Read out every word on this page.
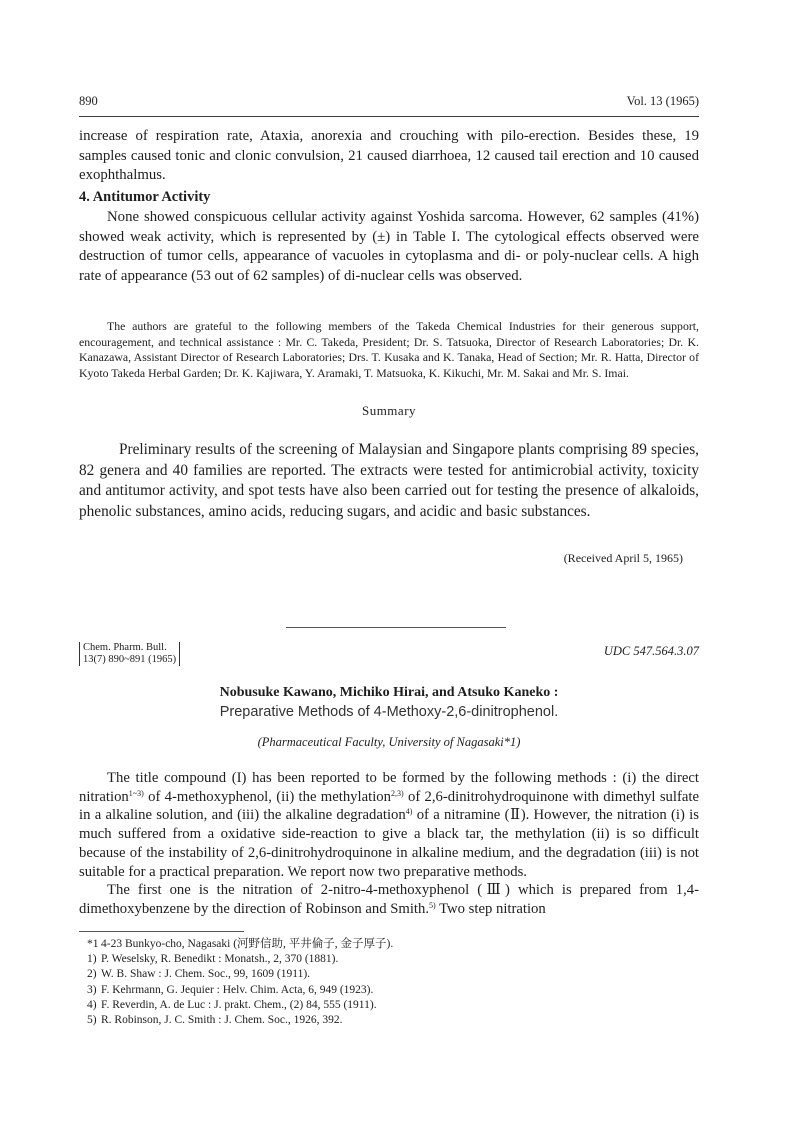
890	Vol. 13 (1965)

increase of respiration rate, Ataxia, anorexia and crouching with pilo-erection. Besides these, 19 samples caused tonic and clonic convulsion, 21 caused diarrhoea, 12 caused tail erection and 10 caused exophthalmus.

4. Antitumor Activity

None showed conspicuous cellular activity against Yoshida sarcoma. However, 62 samples (41%) showed weak activity, which is represented by (±) in Table I. The cytological effects observed were destruction of tumor cells, appearance of vacuoles in cytoplasma and di- or poly-nuclear cells. A high rate of appearance (53 out of 62 samples) of di-nuclear cells was observed.

The authors are grateful to the following members of the Takeda Chemical Industries for their generous support, encouragement, and technical assistance : Mr. C. Takeda, President; Dr. S. Tatsuoka, Director of Research Laboratories; Dr. K. Kanazawa, Assistant Director of Research Laboratories; Drs. T. Kusaka and K. Tanaka, Head of Section; Mr. R. Hatta, Director of Kyoto Takeda Herbal Garden; Dr. K. Kajiwara, Y. Aramaki, T. Matsuoka, K. Kikuchi, Mr. M. Sakai and Mr. S. Imai.

Summary

Preliminary results of the screening of Malaysian and Singapore plants comprising 89 species, 82 genera and 40 families are reported. The extracts were tested for antimicrobial activity, toxicity and antitumor activity, and spot tests have also been carried out for testing the presence of alkaloids, phenolic substances, amino acids, reducing sugars, and acidic and basic substances.

(Received April 5, 1965)
Chem. Pharm. Bull.
13(7) 890~891 (1965)
UDC 547.564.3.07
Nobusuke Kawano, Michiko Hirai, and Atsuko Kaneko :
Preparative Methods of 4-Methoxy-2,6-dinitrophenol.
(Pharmaceutical Faculty, University of Nagasaki*1)

The title compound (I) has been reported to be formed by the following methods : (i) the direct nitration$^{1\sim 3)}$ of 4-methoxyphenol, (ii) the methylation$^{2,3)}$ of 2,6-dinitrohydroquinone with dimethyl sulfate in a alkaline solution, and (iii) the alkaline degradation$^{4)}$ of a nitramine (Ⅱ). However, the nitration (i) is much suffered from a oxidative side-reaction to give a black tar, the methylation (ii) is so difficult because of the instability of 2,6-dinitrohydroquinone in alkaline medium, and the degradation (iii) is not suitable for a practical preparation. We report now two preparative methods.

The first one is the nitration of 2-nitro-4-methoxyphenol (Ⅲ) which is prepared from 1,4-dimethoxybenzene by the direction of Robinson and Smith.$^{5)}$ Two step nitration

*1 4-23 Bunkyo-cho, Nagasaki (河野信助, 平井倫子, 金子厚子).

1) P. Weselsky, R. Benedikt : Monatsh., 2, 370 (1881).

2) W. B. Shaw : J. Chem. Soc., 99, 1609 (1911).

3) F. Kehrmann, G. Jequier : Helv. Chim. Acta, 6, 949 (1923).

4) F. Reverdin, A. de Luc : J. prakt. Chem., (2) 84, 555 (1911).

5) R. Robinson, J. C. Smith : J. Chem. Soc., 1926, 392.
